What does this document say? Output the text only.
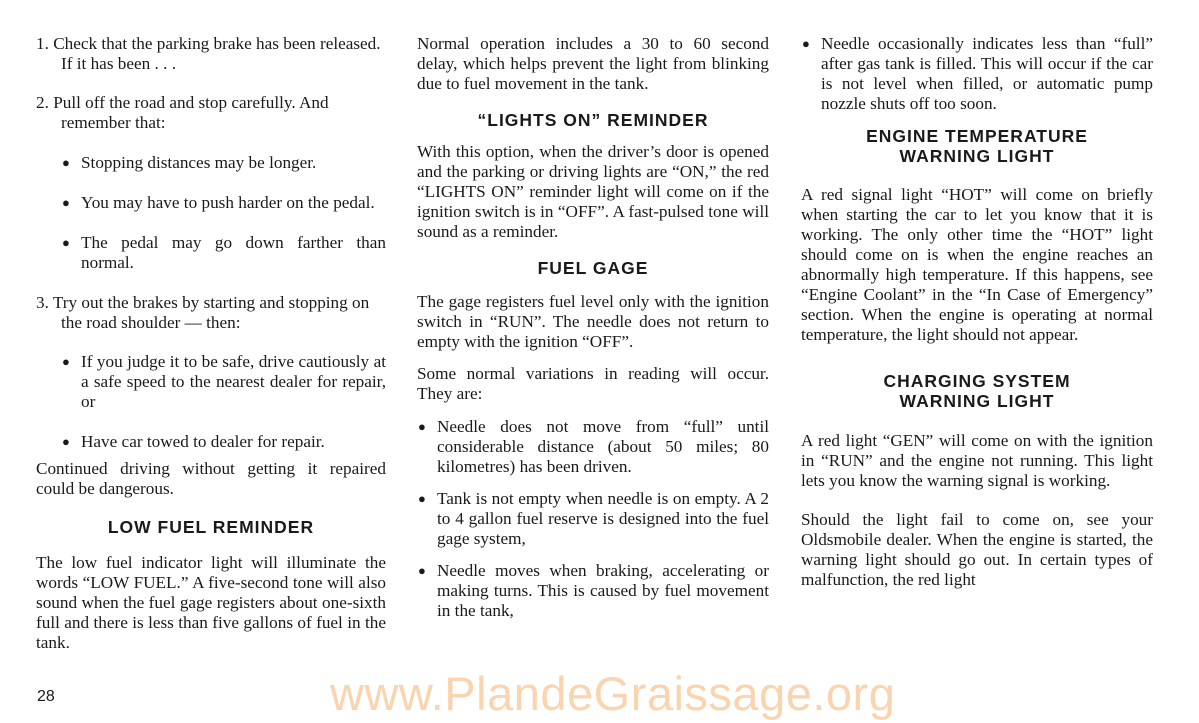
1. Check that the parking brake has been released. If it has been . . .

2. Pull off the road and stop carefully. And remember that:

● Stopping distances may be longer.

● You may have to push harder on the pedal.

● The pedal may go down farther than normal.

3. Try out the brakes by starting and stopping on the road shoulder — then:

● If you judge it to be safe, drive cautiously at a safe speed to the nearest dealer for repair, or

● Have car towed to dealer for repair.

Continued driving without getting it repaired could be dangerous.

LOW FUEL REMINDER

The low fuel indicator light will illuminate the words “LOW FUEL.” A five-second tone will also sound when the fuel gage registers about one-sixth full and there is less than five gallons of fuel in the tank.

Normal operation includes a 30 to 60 second delay, which helps prevent the light from blinking due to fuel movement in the tank.

“LIGHTS ON” REMINDER

With this option, when the driver’s door is opened and the parking or driving lights are “ON,” the red “LIGHTS ON” reminder light will come on if the ignition switch is in “OFF”. A fast-pulsed tone will sound as a reminder.

FUEL GAGE

The gage registers fuel level only with the ignition switch in “RUN”. The needle does not return to empty with the ignition “OFF”.

Some normal variations in reading will occur. They are:

● Needle does not move from “full” until considerable distance (about 50 miles; 80 kilometres) has been driven.

● Tank is not empty when needle is on empty. A 2 to 4 gallon fuel reserve is designed into the fuel gage system,

● Needle moves when braking, accelerating or making turns. This is caused by fuel movement in the tank,

● Needle occasionally indicates less than “full” after gas tank is filled. This will occur if the car is not level when filled, or automatic pump nozzle shuts off too soon.

ENGINE TEMPERATURE
WARNING LIGHT

A red signal light “HOT” will come on briefly when starting the car to let you know that it is working. The only other time the “HOT” light should come on is when the engine reaches an abnormally high temperature. If this happens, see “Engine Coolant” in the “In Case of Emergency” section. When the engine is operating at normal temperature, the light should not appear.

CHARGING SYSTEM
WARNING LIGHT

A red light “GEN” will come on with the ignition in “RUN” and the engine not running. This light lets you know the warning signal is working.

Should the light fail to come on, see your Oldsmobile dealer. When the engine is started, the warning light should go out. In certain types of malfunction, the red light

28	www.PlandeGraissage.org
